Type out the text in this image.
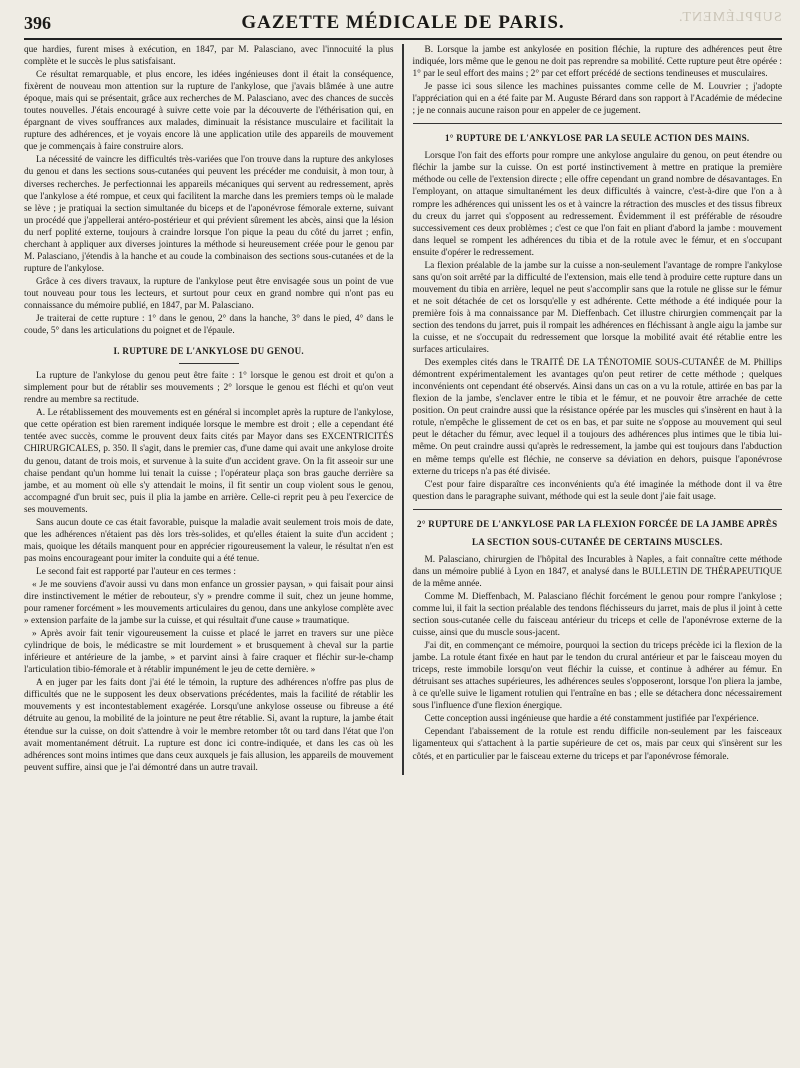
396	GAZETTE MÉDICALE DE PARIS.	SUPPLÉMENT.

que hardies, furent mises à exécution, en 1847, par M. Palasciano, avec l'innocuité la plus complète et le succès le plus satisfaisant.

Ce résultat remarquable, et plus encore, les idées ingénieuses dont il était la conséquence, fixèrent de nouveau mon attention sur la rupture de l'ankylose, que j'avais blâmée à une autre époque, mais qui se présentait, grâce aux recherches de M. Palasciano, avec des chances de succès toutes nouvelles. J'étais encouragé à suivre cette voie par la découverte de l'éthérisation qui, en épargnant de vives souffrances aux malades, diminuait la résistance musculaire et facilitait la rupture des adhérences, et je voyais encore là une application utile des appareils de mouvement que je commençais à faire construire alors.

La nécessité de vaincre les difficultés très-variées que l'on trouve dans la rupture des ankyloses du genou et dans les sections sous-cutanées qui peuvent les précéder me conduisit, à mon tour, à diverses recherches. Je perfectionnai les appareils mécaniques qui servent au redressement, après que l'ankylose a été rompue, et ceux qui facilitent la marche dans les premiers temps où le malade se lève ; je pratiquai la section simultanée du biceps et de l'aponévrose fémorale externe, suivant un procédé que j'appellerai antéro-postérieur et qui prévient sûrement les abcès, ainsi que la lésion du nerf poplité externe, toujours à craindre lorsque l'on pique la peau du côté du jarret ; enfin, cherchant à appliquer aux diverses jointures la méthode si heureusement créée pour le genou par M. Palasciano, j'étendis à la hanche et au coude la combinaison des sections sous-cutanées et de la rupture de l'ankylose.

Grâce à ces divers travaux, la rupture de l'ankylose peut être envisagée sous un point de vue tout nouveau pour tous les lecteurs, et surtout pour ceux en grand nombre qui n'ont pas eu connaissance du mémoire publié, en 1847, par M. Palasciano.

Je traiterai de cette rupture : 1° dans le genou, 2° dans la hanche, 3° dans le pied, 4° dans le coude, 5° dans les articulations du poignet et de l'épaule.

I. RUPTURE DE L'ANKYLOSE DU GENOU.

La rupture de l'ankylose du genou peut être faite : 1° lorsque le genou est droit et qu'on a simplement pour but de rétablir ses mouvements ; 2° lorsque le genou est fléchi et qu'on veut rendre au membre sa rectitude.

A. Le rétablissement des mouvements est en général si incomplet après la rupture de l'ankylose, que cette opération est bien rarement indiquée lorsque le membre est droit ; elle a cependant été tentée avec succès, comme le prouvent deux faits cités par Mayor dans ses EXCENTRICITÉS CHIRURGICALES, p. 350. Il s'agit, dans le premier cas, d'une dame qui avait une ankylose droite du genou, datant de trois mois, et survenue à la suite d'un accident grave. On la fit asseoir sur une chaise pendant qu'un homme lui tenait la cuisse ; l'opérateur plaça son bras gauche derrière sa jambe, et au moment où elle s'y attendait le moins, il fit sentir un coup violent sous le genou, accompagné d'un bruit sec, puis il plia la jambe en arrière. Celle-ci reprit peu à peu l'exercice de ses mouvements.

Sans aucun doute ce cas était favorable, puisque la maladie avait seulement trois mois de date, que les adhérences n'étaient pas dès lors très-solides, et qu'elles étaient la suite d'un accident ; mais, quoique les détails manquent pour en apprécier rigoureusement la valeur, le résultat n'en est pas moins encourageant pour imiter la conduite qui a été tenue.

Le second fait est rapporté par l'auteur en ces termes :

« Je me souviens d'avoir aussi vu dans mon enfance un grossier paysan, » qui faisait pour ainsi dire instinctivement le métier de rebouteur, s'y » prendre comme il suit, chez un jeune homme, pour ramener forcément » les mouvements articulaires du genou, dans une ankylose complète avec » extension parfaite de la jambe sur la cuisse, et qui résultait d'une cause » traumatique.

» Après avoir fait tenir vigoureusement la cuisse et placé le jarret en travers sur une pièce cylindrique de bois, le médicastre se mit lourdement » et brusquement à cheval sur la partie inférieure et antérieure de la jambe, » et parvint ainsi à faire craquer et fléchir sur-le-champ l'articulation tibio-fémorale et à rétablir impunément le jeu de cette dernière. »

A en juger par les faits dont j'ai été le témoin, la rupture des adhérences n'offre pas plus de difficultés que ne le supposent les deux observations précédentes, mais la facilité de rétablir les mouvements y est incontestablement exagérée. Lorsqu'une ankylose osseuse ou fibreuse a été détruite au genou, la mobilité de la jointure ne peut être rétablie. Si, avant la rupture, la jambe était étendue sur la cuisse, on doit s'attendre à voir le membre retomber tôt ou tard dans l'état que l'on avait momentanément détruit. La rupture est donc ici contre-indiquée, et dans les cas où les adhérences sont moins intimes que dans ceux auxquels je fais allusion, les appareils de mouvement peuvent suffire, ainsi que je l'ai démontré dans un autre travail.

B. Lorsque la jambe est ankylosée en position fléchie, la rupture des adhérences peut être indiquée, lors même que le genou ne doit pas reprendre sa mobilité. Cette rupture peut être opérée : 1° par le seul effort des mains ; 2° par cet effort précédé de sections tendineuses et musculaires.

Je passe ici sous silence les machines puissantes comme celle de M. Louvrier ; j'adopte l'appréciation qui en a été faite par M. Auguste Bérard dans son rapport à l'Académie de médecine ; je ne connais aucune raison pour en appeler de ce jugement.

1° RUPTURE DE L'ANKYLOSE PAR LA SEULE ACTION DES MAINS.

Lorsque l'on fait des efforts pour rompre une ankylose angulaire du genou, on peut étendre ou fléchir la jambe sur la cuisse. On est porté instinctivement à mettre en pratique la première méthode ou celle de l'extension directe ; elle offre cependant un grand nombre de désavantages. En l'employant, on attaque simultanément les deux difficultés à vaincre, c'est-à-dire que l'on a à rompre les adhérences qui unissent les os et à vaincre la rétraction des muscles et des tissus fibreux du creux du jarret qui s'opposent au redressement. Évidemment il est préférable de résoudre successivement ces deux problèmes ; c'est ce que l'on fait en pliant d'abord la jambe : mouvement dans lequel se rompent les adhérences du tibia et de la rotule avec le fémur, et en s'occupant ensuite d'opérer le redressement.

La flexion préalable de la jambe sur la cuisse a non-seulement l'avantage de rompre l'ankylose sans qu'on soit arrêté par la difficulté de l'extension, mais elle tend à produire cette rupture dans un mouvement du tibia en arrière, lequel ne peut s'accomplir sans que la rotule ne glisse sur le fémur et ne soit détachée de cet os lorsqu'elle y est adhérente. Cette méthode a été indiquée pour la première fois à ma connaissance par M. Dieffenbach. Cet illustre chirurgien commençait par la section des tendons du jarret, puis il rompait les adhérences en fléchissant à angle aigu la jambe sur la cuisse, et ne s'occupait du redressement que lorsque la mobilité avait été rétablie entre les surfaces articulaires.

Des exemples cités dans le TRAITÉ DE LA TÉNOTOMIE SOUS-CUTANÉE de M. Phillips démontrent expérimentalement les avantages qu'on peut retirer de cette méthode ; quelques inconvénients ont cependant été observés. Ainsi dans un cas on a vu la rotule, attirée en bas par la flexion de la jambe, s'enclaver entre le tibia et le fémur, et ne pouvoir être arrachée de cette position. On peut craindre aussi que la résistance opérée par les muscles qui s'insèrent en haut à la rotule, n'empêche le glissement de cet os en bas, et par suite ne s'oppose au mouvement qui seul peut le détacher du fémur, avec lequel il a toujours des adhérences plus intimes que le tibia lui-même. On peut craindre aussi qu'après le redressement, la jambe qui est toujours dans l'abduction en même temps qu'elle est fléchie, ne conserve sa déviation en dehors, puisque l'aponévrose externe du triceps n'a pas été divisée.

C'est pour faire disparaître ces inconvénients qu'a été imaginée la méthode dont il va être question dans le paragraphe suivant, méthode qui est la seule dont j'aie fait usage.

2° RUPTURE DE L'ANKYLOSE PAR LA FLEXION FORCÉE DE LA JAMBE APRÈS
LA SECTION SOUS-CUTANÉE DE CERTAINS MUSCLES.

M. Palasciano, chirurgien de l'hôpital des Incurables à Naples, a fait connaître cette méthode dans un mémoire publié à Lyon en 1847, et analysé dans le BULLETIN DE THÉRAPEUTIQUE de la même année.

Comme M. Dieffenbach, M. Palasciano fléchit forcément le genou pour rompre l'ankylose ; comme lui, il fait la section préalable des tendons fléchisseurs du jarret, mais de plus il joint à cette section sous-cutanée celle du faisceau antérieur du triceps et celle de l'aponévrose externe de la cuisse, ainsi que du muscle sous-jacent.

J'ai dit, en commençant ce mémoire, pourquoi la section du triceps précède ici la flexion de la jambe. La rotule étant fixée en haut par le tendon du crural antérieur et par le faisceau moyen du triceps, reste immobile lorsqu'on veut fléchir la cuisse, et continue à adhérer au fémur. En détruisant ses attaches supérieures, les adhérences seules s'opposeront, lorsque l'on pliera la jambe, à ce qu'elle suive le ligament rotulien qui l'entraîne en bas ; elle se détachera donc nécessairement sous l'influence d'une flexion énergique.

Cette conception aussi ingénieuse que hardie a été constamment justifiée par l'expérience.

Cependant l'abaissement de la rotule est rendu difficile non-seulement par les faisceaux ligamenteux qui s'attachent à la partie supérieure de cet os, mais par ceux qui s'insèrent sur les côtés, et en particulier par le faisceau externe du triceps et par l'aponévrose fémorale.
